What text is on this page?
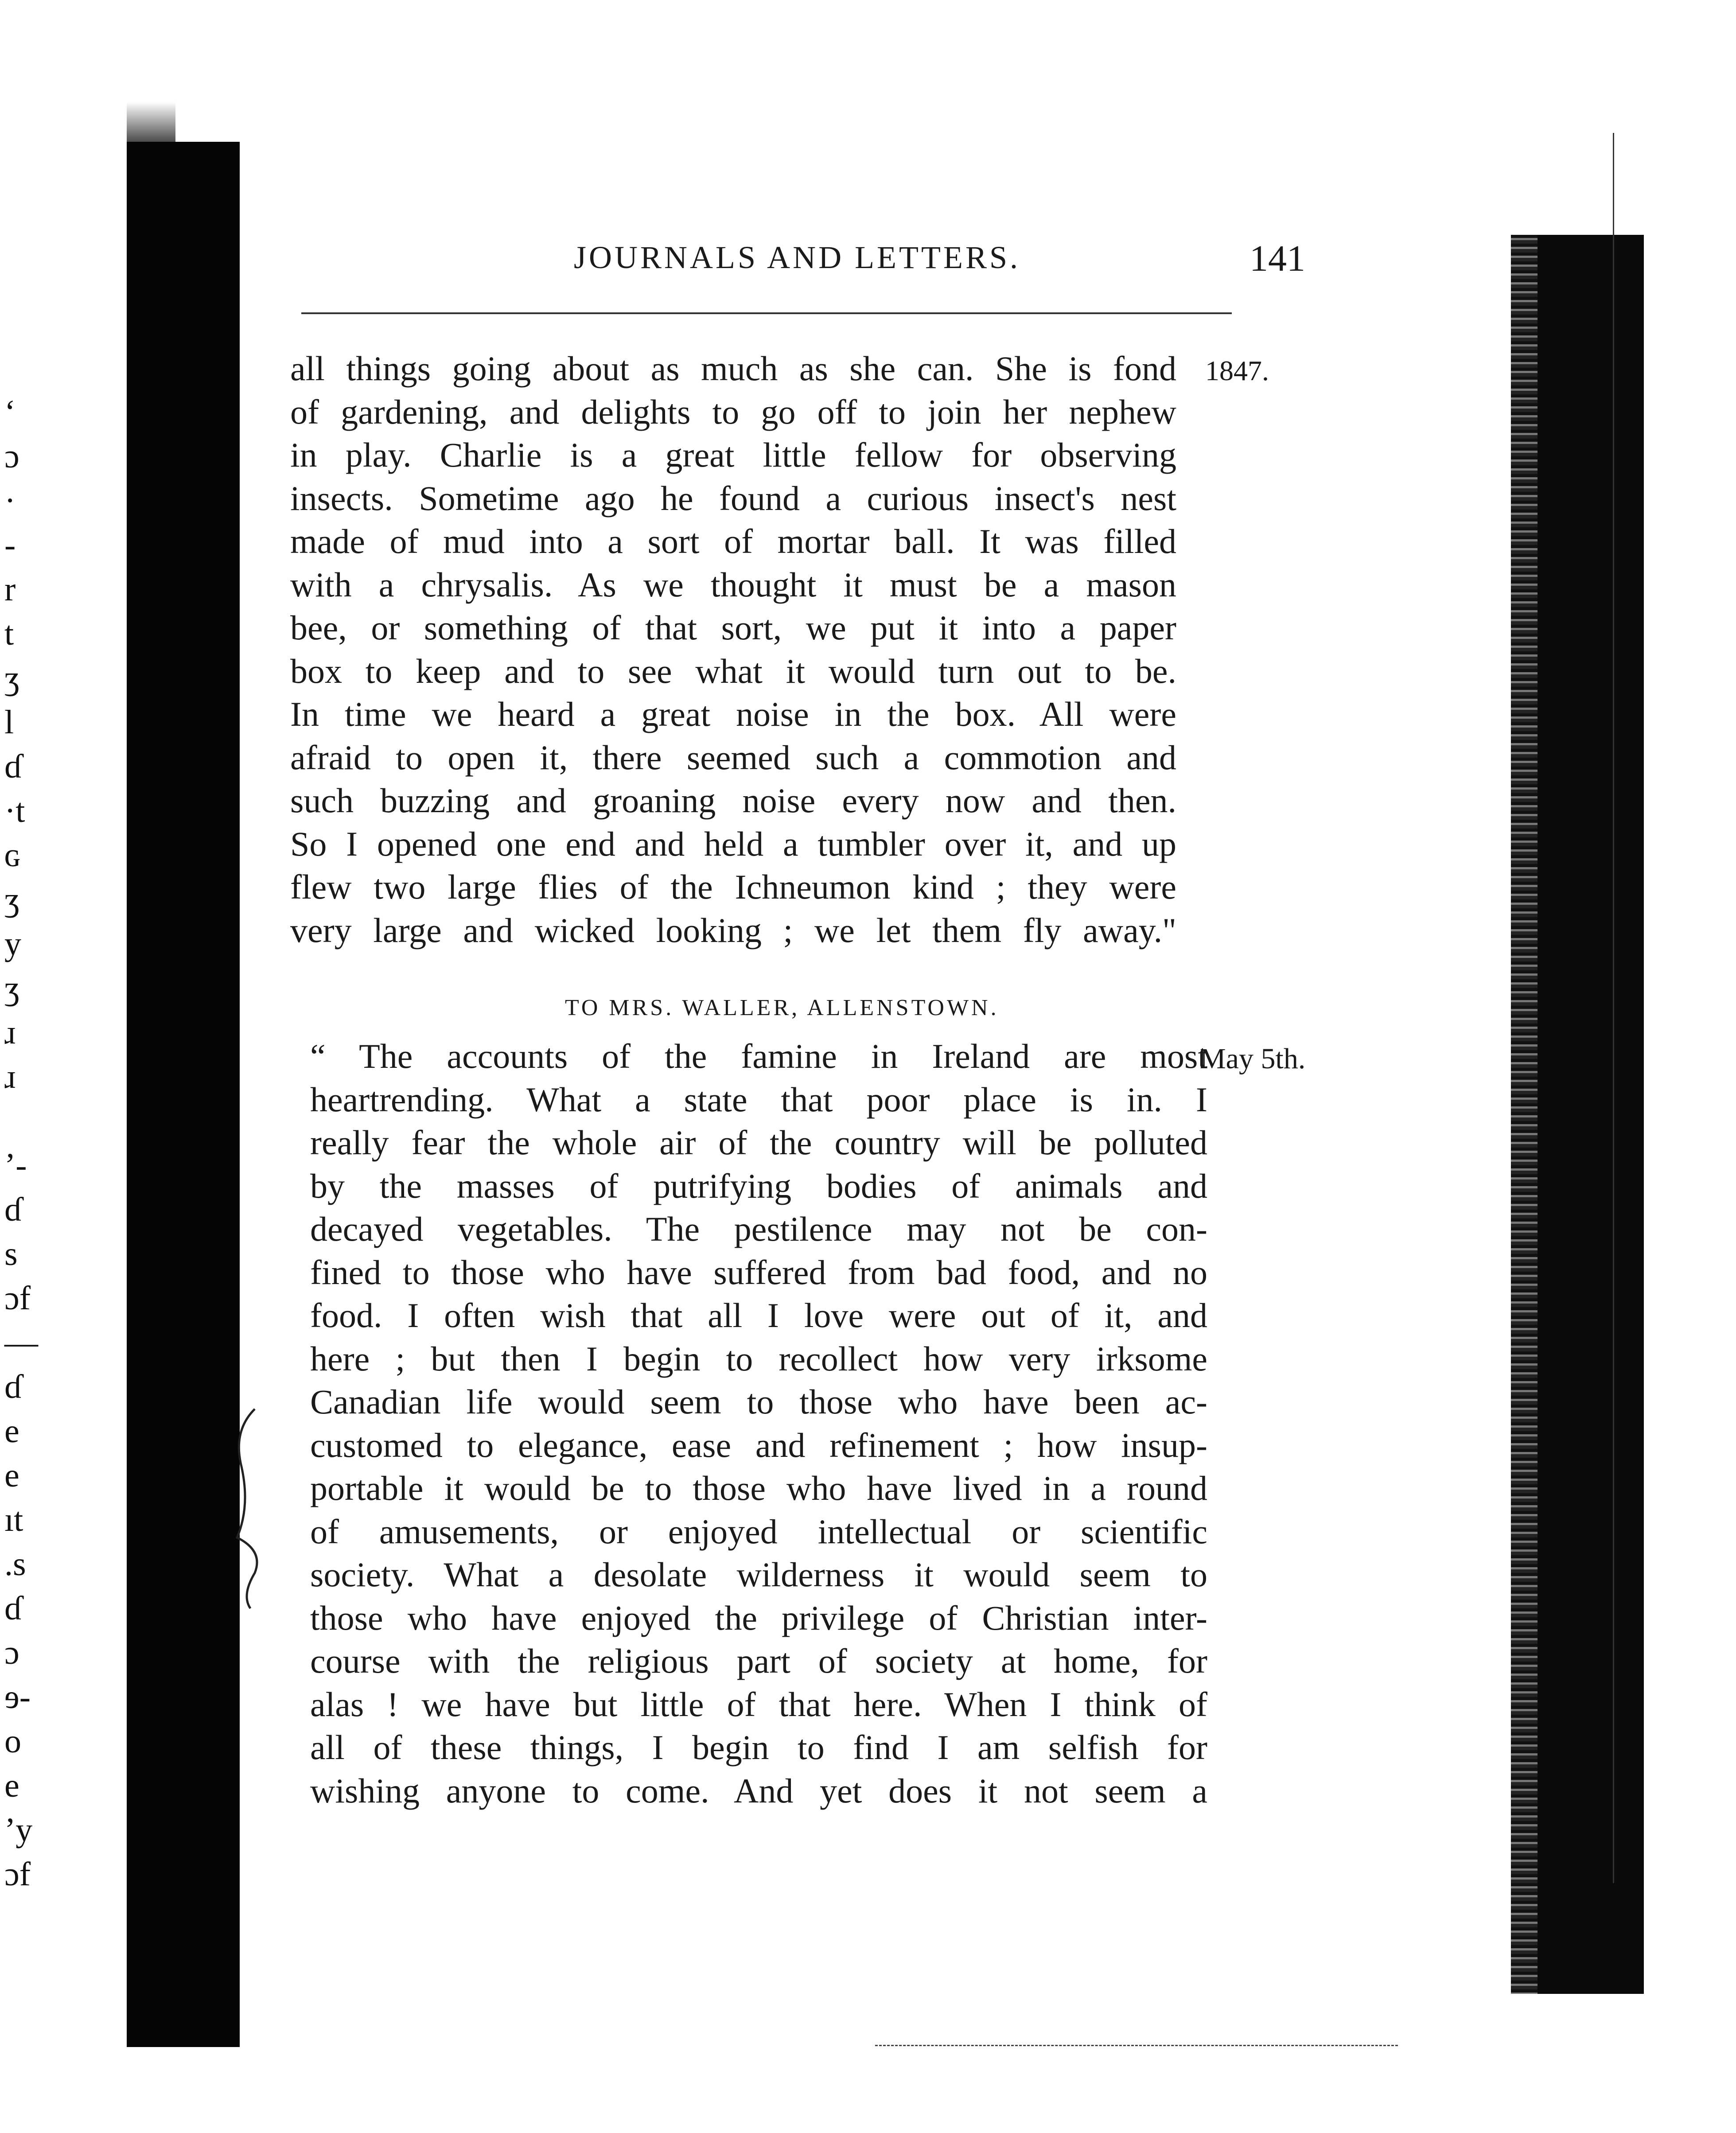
‘
ɔ
·
-
r
t
ʒ
l
ɗ
·t
ɢ
ʒ
y
ʒ
ɹ
ɹ
’-
ɗ
s
ɔf
—
ɗ
e
e
ıt
.s
ɗ
ɔ
ɘ-
o
e
’y
ɔf
JOURNALS AND LETTERS.	141
1847.
all things going about as much as she can. She is fond
of gardening, and delights to go off to join her nephew
in play. Charlie is a great little fellow for observing
insects. Sometime ago he found a curious insect's nest
made of mud into a sort of mortar ball. It was filled
with a chrysalis. As we thought it must be a mason
bee, or something of that sort, we put it into a paper
box to keep and to see what it would turn out to be.
In time we heard a great noise in the box. All were
afraid to open it, there seemed such a commotion and
such buzzing and groaning noise every now and then.
So I opened one end and held a tumbler over it, and up
flew two large flies of the Ichneumon kind ; they were
very large and wicked looking ; we let them fly away."
TO MRS. WALLER, ALLENSTOWN.
May 5th.
“ The accounts of the famine in Ireland are most
heartrending. What a state that poor place is in. I
really fear the whole air of the country will be polluted
by the masses of putrifying bodies of animals and
decayed vegetables. The pestilence may not be con-
fined to those who have suffered from bad food, and no
food. I often wish that all I love were out of it, and
here ; but then I begin to recollect how very irksome
Canadian life would seem to those who have been ac-
customed to elegance, ease and refinement ; how insup-
portable it would be to those who have lived in a round
of amusements, or enjoyed intellectual or scientific
society. What a desolate wilderness it would seem to
those who have enjoyed the privilege of Christian inter-
course with the religious part of society at home, for
alas ! we have but little of that here. When I think of
all of these things, I begin to find I am selfish for
wishing anyone to come. And yet does it not seem a
